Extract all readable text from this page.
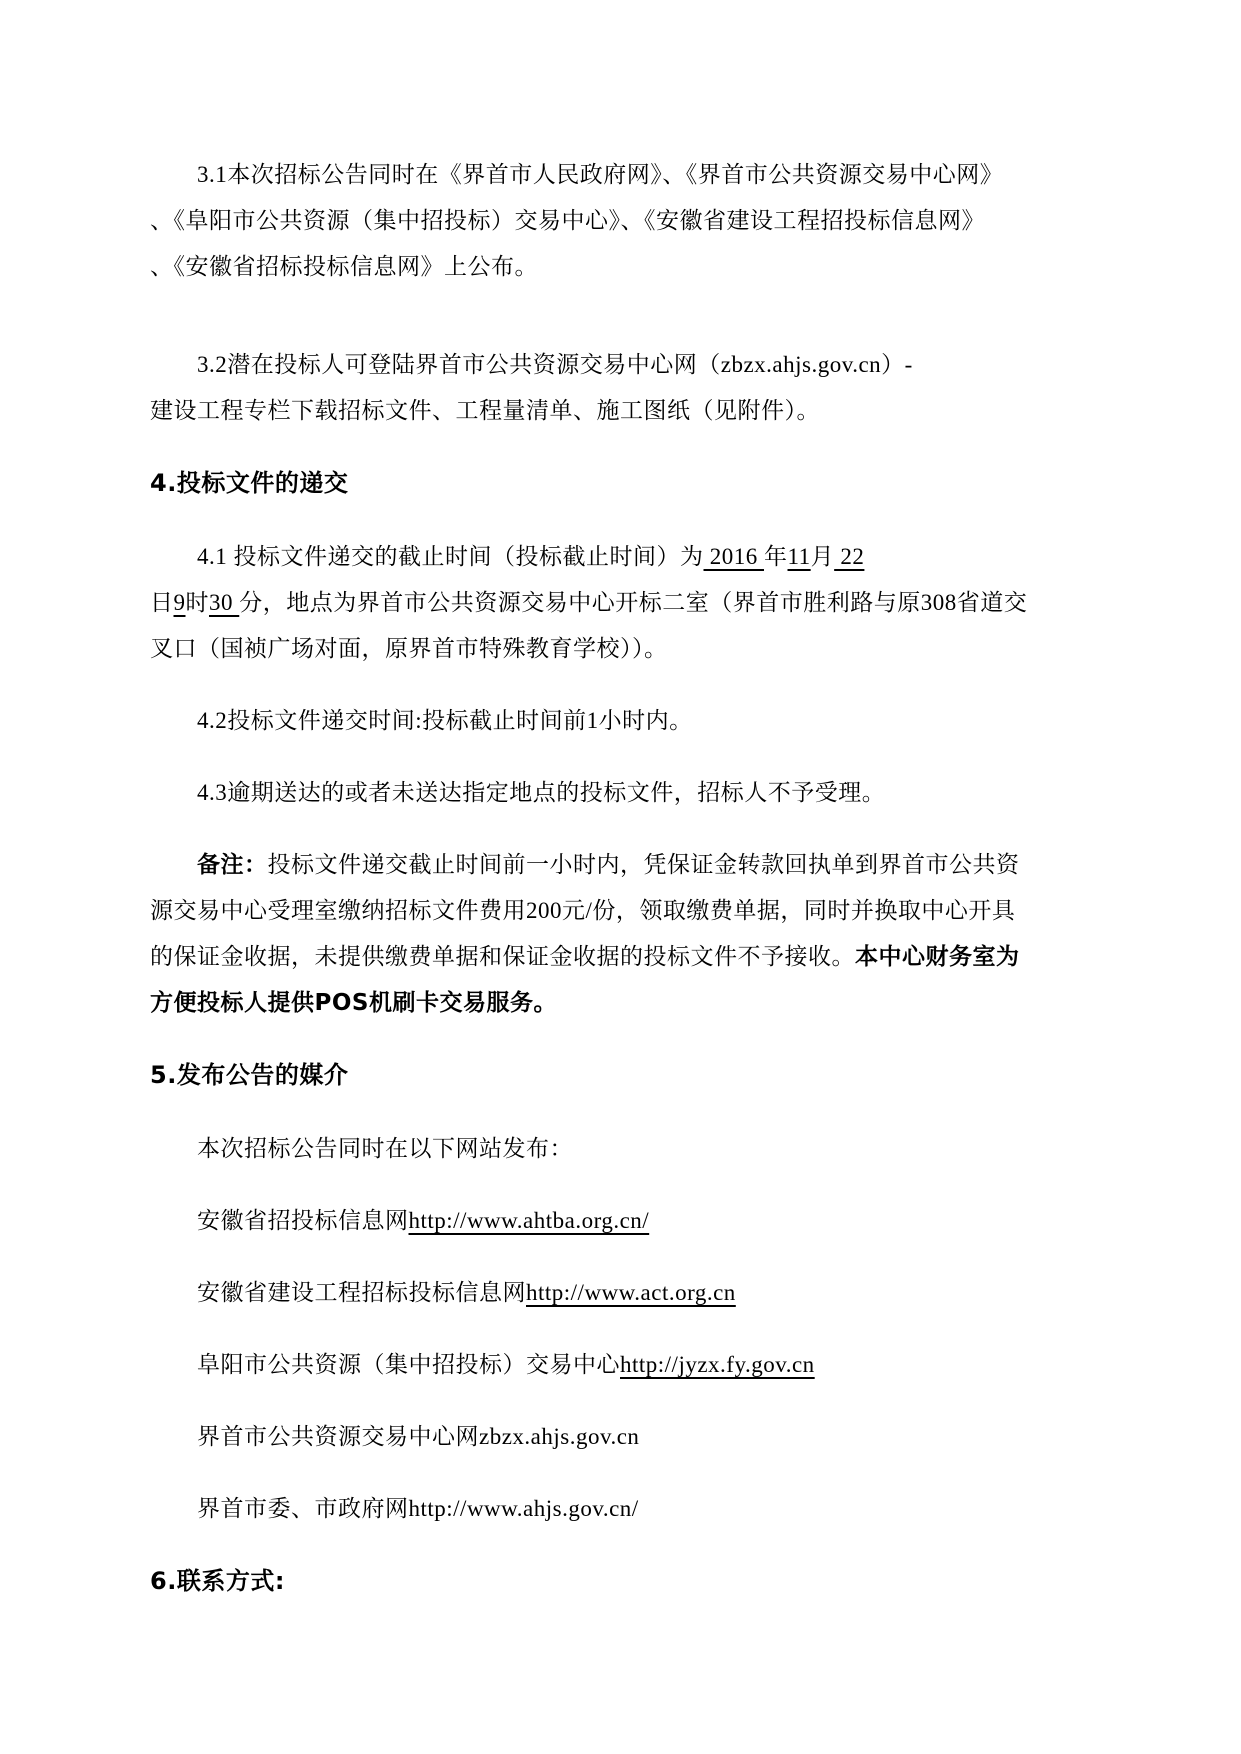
3.1本次招标公告同时在《界首市人民政府网》、《界首市公共资源交易中心网》
、《阜阳市公共资源（集中招投标）交易中心》、《安徽省建设工程招投标信息网》
、《安徽省招标投标信息网》上公布。
3.2潜在投标人可登陆界首市公共资源交易中心网（zbzx.ahjs.gov.cn）-
建设工程专栏下载招标文件、工程量清单、施工图纸（见附件）。
4.投标文件的递交
4.1 投标文件递交的截止时间（投标截止时间）为 2016 年11月 22
日9时30 分，地点为界首市公共资源交易中心开标二室（界首市胜利路与原308省道交
叉口（国祯广场对面，原界首市特殊教育学校））。
4.2投标文件递交时间:投标截止时间前1小时内。
4.3逾期送达的或者未送达指定地点的投标文件，招标人不予受理。
备注：投标文件递交截止时间前一小时内，凭保证金转款回执单到界首市公共资
源交易中心受理室缴纳招标文件费用200元/份，领取缴费单据，同时并换取中心开具
的保证金收据，未提供缴费单据和保证金收据的投标文件不予接收。本中心财务室为
方便投标人提供POS机刷卡交易服务。
5.发布公告的媒介
本次招标公告同时在以下网站发布：
安徽省招投标信息网http://www.ahtba.org.cn/
安徽省建设工程招标投标信息网http://www.act.org.cn
阜阳市公共资源（集中招投标）交易中心http://jyzx.fy.gov.cn
界首市公共资源交易中心网zbzx.ahjs.gov.cn
界首市委、市政府网http://www.ahjs.gov.cn/
6.联系方式:
